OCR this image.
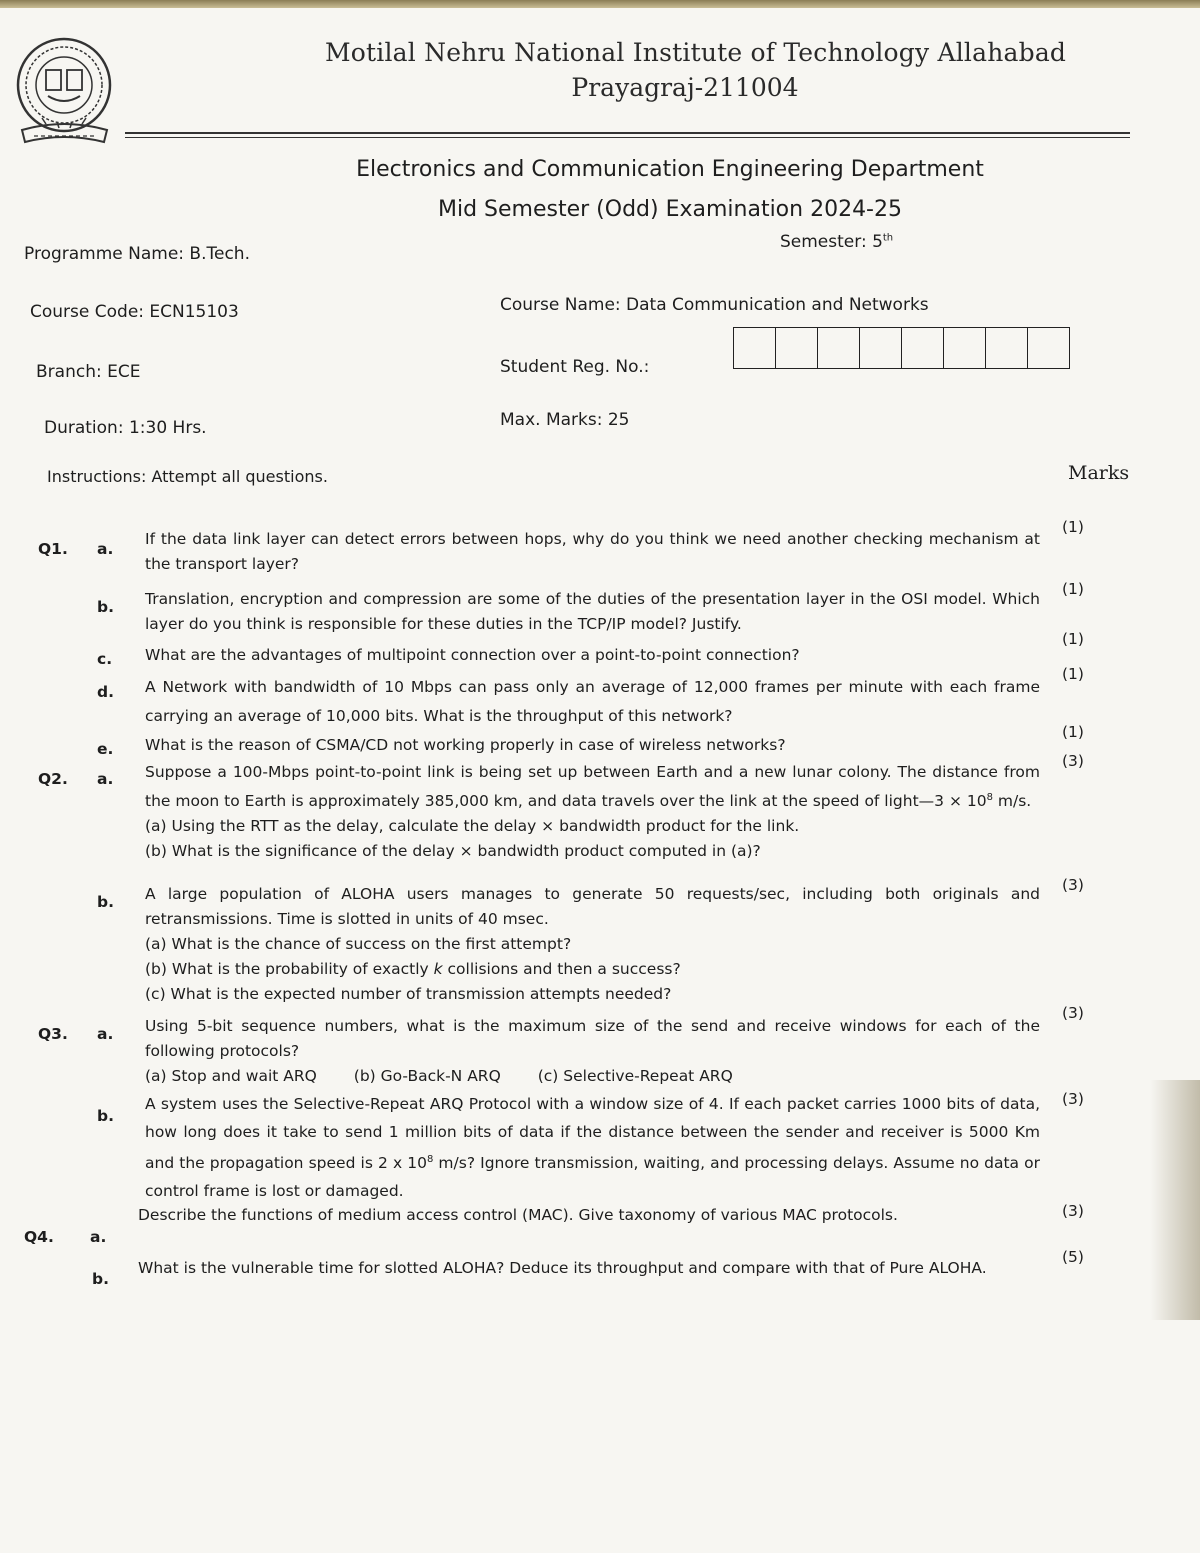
Motilal Nehru National Institute of Technology Allahabad
Prayagraj-211004
Electronics and Communication Engineering Department
Mid Semester (Odd) Examination 2024-25
Programme Name: B.Tech.
Semester: 5th
Course Code: ECN15103	Course Name: Data Communication and Networks
Branch: ECE	Student Reg. No.:
Duration: 1:30 Hrs.	Max. Marks: 25
Instructions: Attempt all questions.	Marks
Q1. a.
If the data link layer can detect errors between hops, why do you think we need another checking mechanism at the transport layer?
(1)
b. Translation, encryption and compression are some of the duties of the presentation layer in the OSI model. Which layer do you think is responsible for these duties in the TCP/IP model? Justify.
(1)
c. What are the advantages of multipoint connection over a point-to-point connection?
(1)
d. A Network with bandwidth of 10 Mbps can pass only an average of 12,000 frames per minute with each frame carrying an average of 10,000 bits. What is the throughput of this network?
(1)
e. What is the reason of CSMA/CD not working properly in case of wireless networks?
(1)
Q2. a. Suppose a 100-Mbps point-to-point link is being set up between Earth and a new lunar colony. The distance from the moon to Earth is approximately 385,000 km, and data travels over the link at the speed of light—3 × $10^8$ m/s.
(a) Using the RTT as the delay, calculate the delay × bandwidth product for the link.
(b) What is the significance of the delay × bandwidth product computed in (a)?
(3)
b. A large population of ALOHA users manages to generate 50 requests/sec, including both originals and retransmissions. Time is slotted in units of 40 msec.
(a) What is the chance of success on the first attempt?
(b) What is the probability of exactly k collisions and then a success?
(c) What is the expected number of transmission attempts needed?
(3)
Q3. a. Using 5-bit sequence numbers, what is the maximum size of the send and receive windows for each of the following protocols?
(a) Stop and wait ARQ (b) Go-Back-N ARQ (c) Selective-Repeat ARQ
(3)
b.
A system uses the Selective-Repeat ARQ Protocol with a window size of 4. If each packet carries 1000 bits of data, how long does it take to send 1 million bits of data if the distance between the sender and receiver is 5000 Km and the propagation speed is 2 x $10^8$ m/s? Ignore transmission, waiting, and processing delays. Assume no data or control frame is lost or damaged.
(3)
Q4. a.
Describe the functions of medium access control (MAC). Give taxonomy of various MAC protocols.	(3)
b.
What is the vulnerable time for slotted ALOHA? Deduce its throughput and compare with that of Pure ALOHA.
(5)
